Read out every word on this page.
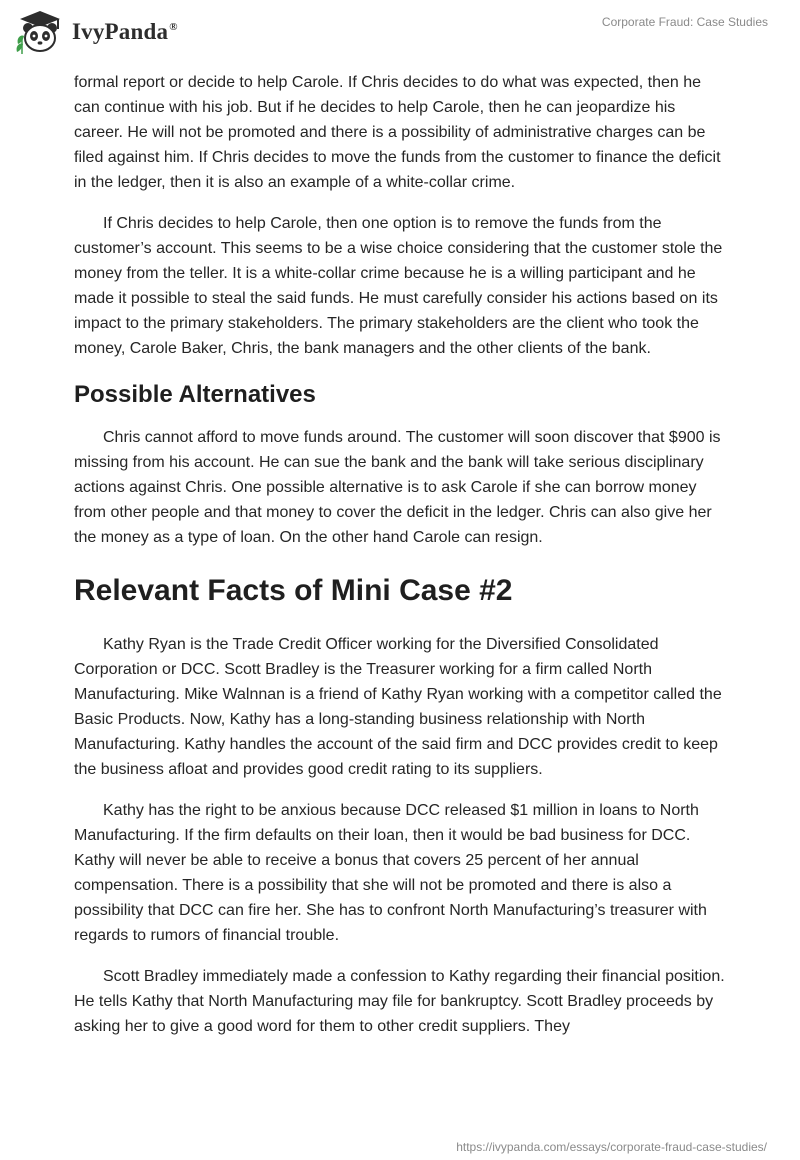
IvyPanda®	Corporate Fraud: Case Studies

formal report or decide to help Carole. If Chris decides to do what was expected, then he can continue with his job. But if he decides to help Carole, then he can jeopardize his career. He will not be promoted and there is a possibility of administrative charges can be filed against him. If Chris decides to move the funds from the customer to finance the deficit in the ledger, then it is also an example of a white-collar crime.

If Chris decides to help Carole, then one option is to remove the funds from the customer’s account. This seems to be a wise choice considering that the customer stole the money from the teller. It is a white-collar crime because he is a willing participant and he made it possible to steal the said funds. He must carefully consider his actions based on its impact to the primary stakeholders. The primary stakeholders are the client who took the money, Carole Baker, Chris, the bank managers and the other clients of the bank.

Possible Alternatives

Chris cannot afford to move funds around. The customer will soon discover that $900 is missing from his account. He can sue the bank and the bank will take serious disciplinary actions against Chris. One possible alternative is to ask Carole if she can borrow money from other people and that money to cover the deficit in the ledger. Chris can also give her the money as a type of loan. On the other hand Carole can resign.

Relevant Facts of Mini Case #2

Kathy Ryan is the Trade Credit Officer working for the Diversified Consolidated Corporation or DCC. Scott Bradley is the Treasurer working for a firm called North Manufacturing. Mike Walnnan is a friend of Kathy Ryan working with a competitor called the Basic Products. Now, Kathy has a long-standing business relationship with North Manufacturing. Kathy handles the account of the said firm and DCC provides credit to keep the business afloat and provides good credit rating to its suppliers.

Kathy has the right to be anxious because DCC released $1 million in loans to North Manufacturing. If the firm defaults on their loan, then it would be bad business for DCC. Kathy will never be able to receive a bonus that covers 25 percent of her annual compensation. There is a possibility that she will not be promoted and there is also a possibility that DCC can fire her. She has to confront North Manufacturing’s treasurer with regards to rumors of financial trouble.

Scott Bradley immediately made a confession to Kathy regarding their financial position. He tells Kathy that North Manufacturing may file for bankruptcy. Scott Bradley proceeds by asking her to give a good word for them to other credit suppliers. They

https://ivypanda.com/essays/corporate-fraud-case-studies/
